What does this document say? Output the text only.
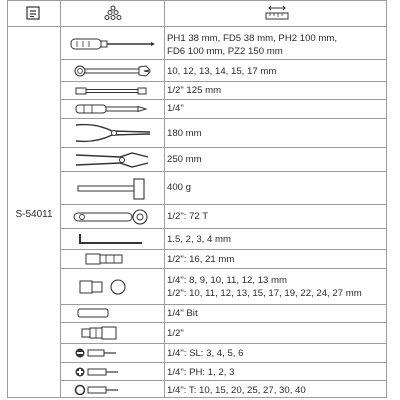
S-54011
PH1 38 mm, FD5 38 mm, PH2 100 mm,
FD6 100 mm, PZ2 150 mm
10, 12, 13, 14, 15, 17 mm
1/2" 125 mm
1/4"
180 mm
250 mm
400 g
1/2": 72 T
1.5, 2, 3, 4 mm
1/2": 16, 21 mm
1/4": 8, 9, 10, 11, 12, 13 mm
1/2": 10, 11, 12, 13, 15, 17, 19, 22, 24, 27 mm
1/4" Bit
1/2"
1/4": SL: 3, 4, 5, 6
1/4": PH: 1, 2, 3
1/4": T: 10, 15, 20, 25, 27, 30, 40
